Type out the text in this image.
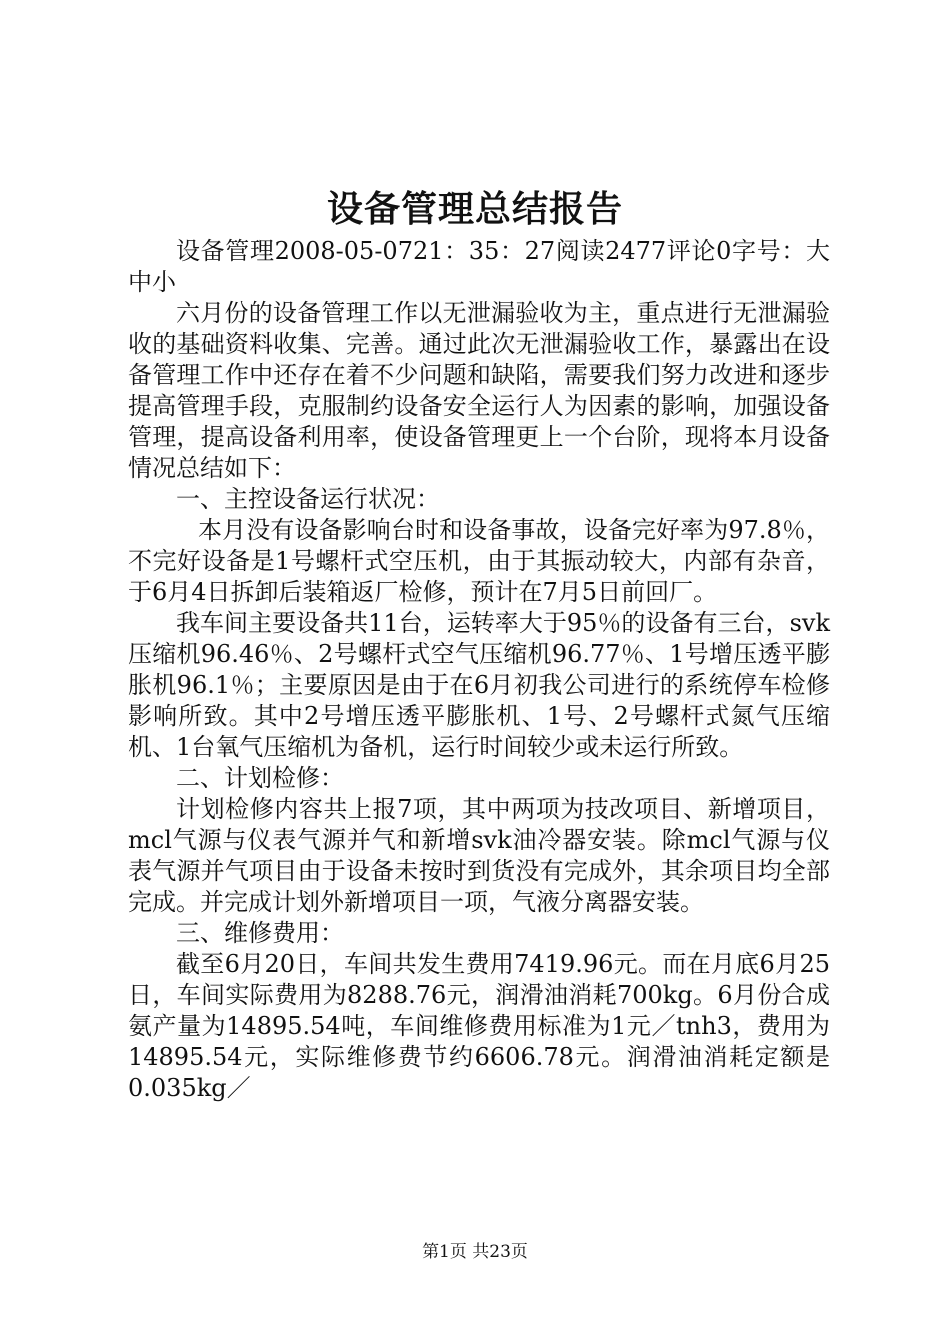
设备管理总结报告

设备管理2008-05-0721：35：27阅读2477评论0字号：大中小

六月份的设备管理工作以无泄漏验收为主，重点进行无泄漏验收的基础资料收集、完善。通过此次无泄漏验收工作，暴露出在设备管理工作中还存在着不少问题和缺陷，需要我们努力改进和逐步提高管理手段，克服制约设备安全运行人为因素的影响，加强设备管理，提高设备利用率，使设备管理更上一个台阶，现将本月设备情况总结如下：

一、主控设备运行状况：

本月没有设备影响台时和设备事故，设备完好率为97.8％，不完好设备是1号螺杆式空压机，由于其振动较大，内部有杂音，于6月4日拆卸后装箱返厂检修，预计在7月5日前回厂。

我车间主要设备共11台，运转率大于95％的设备有三台，svk压缩机96.46％、2号螺杆式空气压缩机96.77％、1号增压透平膨胀机96.1％；主要原因是由于在6月初我公司进行的系统停车检修影响所致。其中2号增压透平膨胀机、1号、2号螺杆式氮气压缩机、1台氧气压缩机为备机，运行时间较少或未运行所致。

二、计划检修：

计划检修内容共上报7项，其中两项为技改项目、新增项目，mcl气源与仪表气源并气和新增svk油冷器安装。除mcl气源与仪表气源并气项目由于设备未按时到货没有完成外，其余项目均全部完成。并完成计划外新增项目一项，气液分离器安装。

三、维修费用：

截至6月20日，车间共发生费用7419.96元。而在月底6月25日，车间实际费用为8288.76元，润滑油消耗700kg。6月份合成氨产量为14895.54吨，车间维修费用标准为1元／tnh3，费用为14895.54元，实际维修费节约6606.78元。润滑油消耗定额是0.035kg／

第1页 共23页
